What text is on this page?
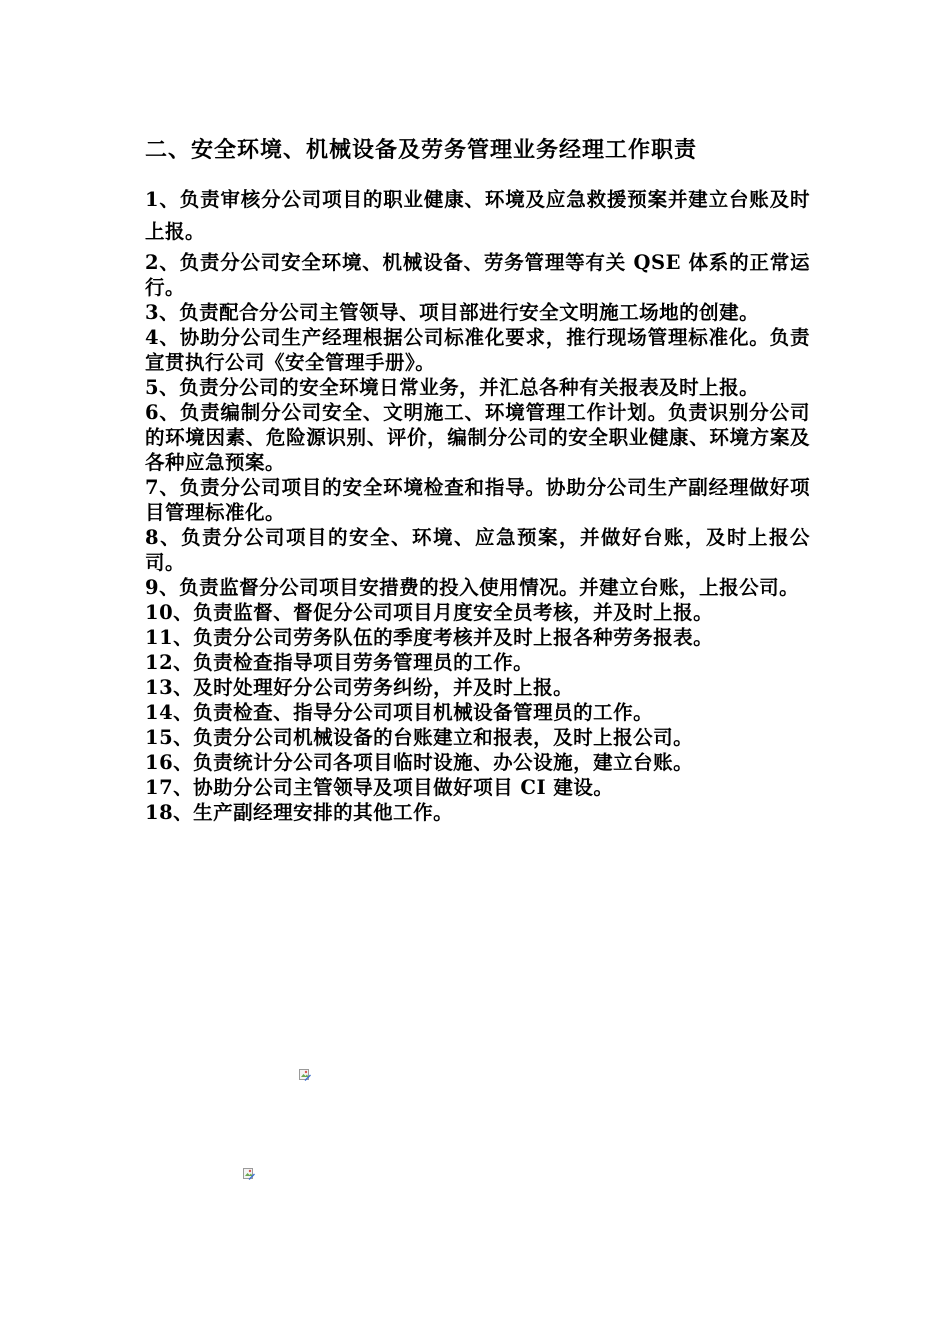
二、安全环境、机械设备及劳务管理业务经理工作职责
1、负责审核分公司项目的职业健康、环境及应急救援预案并建立台账及时上报。
2、负责分公司安全环境、机械设备、劳务管理等有关 QSE 体系的正常运行。
3、负责配合分公司主管领导、项目部进行安全文明施工场地的创建。
4、协助分公司生产经理根据公司标准化要求，推行现场管理标准化。负责宣贯执行公司《安全管理手册》。
5、负责分公司的安全环境日常业务，并汇总各种有关报表及时上报。
6、负责编制分公司安全、文明施工、环境管理工作计划。负责识别分公司的环境因素、危险源识别、评价，编制分公司的安全职业健康、环境方案及各种应急预案。
7、负责分公司项目的安全环境检查和指导。协助分公司生产副经理做好项目管理标准化。
8、负责分公司项目的安全、环境、应急预案，并做好台账，及时上报公司。
9、负责监督分公司项目安措费的投入使用情况。并建立台账，上报公司。
10、负责监督、督促分公司项目月度安全员考核，并及时上报。
11、负责分公司劳务队伍的季度考核并及时上报各种劳务报表。
12、负责检查指导项目劳务管理员的工作。
13、及时处理好分公司劳务纠纷，并及时上报。
14、负责检查、指导分公司项目机械设备管理员的工作。
15、负责分公司机械设备的台账建立和报表，及时上报公司。
16、负责统计分公司各项目临时设施、办公设施，建立台账。
17、协助分公司主管领导及项目做好项目 CI 建设。
18、生产副经理安排的其他工作。
